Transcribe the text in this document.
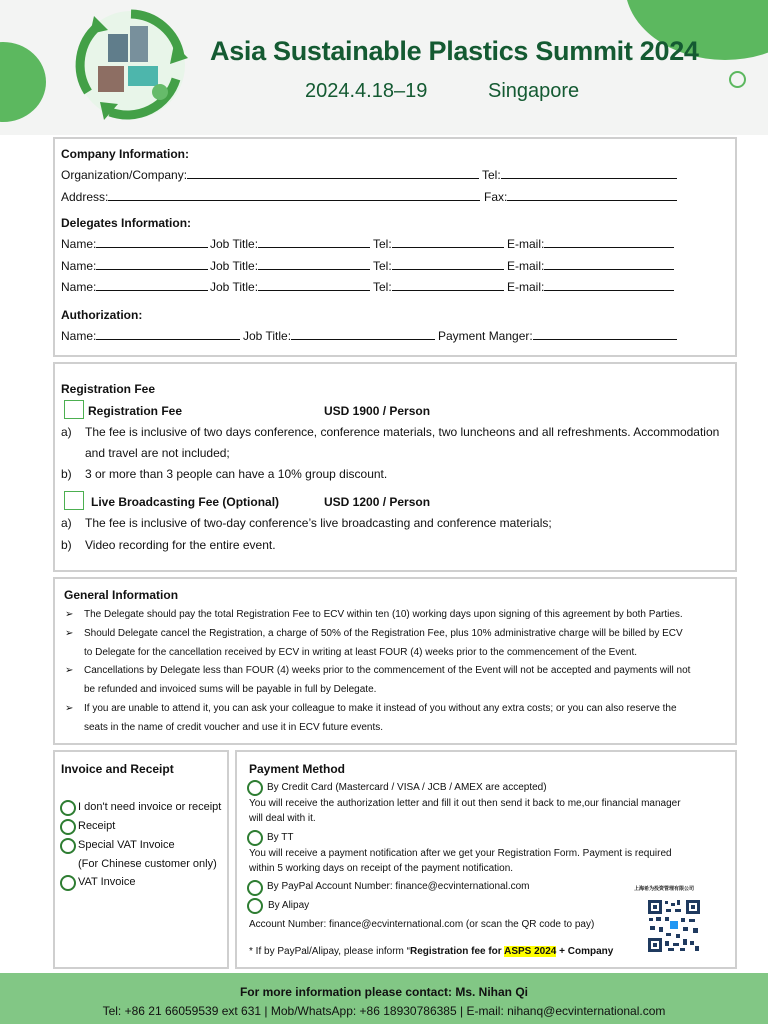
Asia Sustainable Plastics Summit 2024
2024.4.18–19	Singapore
Company Information:
Organization/Company:	Tel:
Address:	Fax:
Delegates Information:
Name:	Job Title:	Tel:	E-mail:
Name:	Job Title:	Tel:	E-mail:
Name:	Job Title:	Tel:	E-mail:
Authorization:
Name:	Job Title:	Payment Manger:
Registration Fee
Registration Fee	USD 1900 / Person
a) The fee is inclusive of two days conference, conference materials, two luncheons and all refreshments. Accommodation
and travel are not included;
b) 3 or more than 3 people can have a 10% group discount.
Live Broadcasting Fee (Optional)	USD 1200 / Person
a) The fee is inclusive of two-day conference’s live broadcasting and conference materials;
b) Video recording for the entire event.
General Information
➢ The Delegate should pay the total Registration Fee to ECV within ten (10) working days upon signing of this agreement by both Parties.
➢ Should Delegate cancel the Registration, a charge of 50% of the Registration Fee, plus 10% administrative charge will be billed by ECV
to Delegate for the cancellation received by ECV in writing at least FOUR (4) weeks prior to the commencement of the Event.
➢ Cancellations by Delegate less than FOUR (4) weeks prior to the commencement of the Event will not be accepted and payments will not
be refunded and invoiced sums will be payable in full by Delegate.
➢ If you are unable to attend it, you can ask your colleague to make it instead of you without any extra costs; or you can also reserve the
seats in the name of credit voucher and use it in ECV future events.
Invoice and Receipt
I don't need invoice or receipt
Receipt
Special VAT Invoice
(For Chinese customer only)
VAT Invoice
Payment Method
By Credit Card (Mastercard / VISA / JCB / AMEX are accepted)
You will receive the authorization letter and fill it out then send it back to me,our financial manager
will deal with it.
By TT
You will receive a payment notification after we get your Registration Form. Payment is required
within 5 working days on receipt of the payment notification.
By PayPal Account Number: finance@ecvinternational.com
By Alipay
Account Number: finance@ecvinternational.com (or scan the QR code to pay)
* If by PayPal/Alipay, please inform “Registration fee for ASPS 2024 + Company
上海希为投资管理有限公司
For more information please contact: Ms. Nihan Qi
Tel: +86 21 66059539 ext 631 | Mob/WhatsApp: +86 18930786385 | E-mail: nihanq@ecvinternational.com
